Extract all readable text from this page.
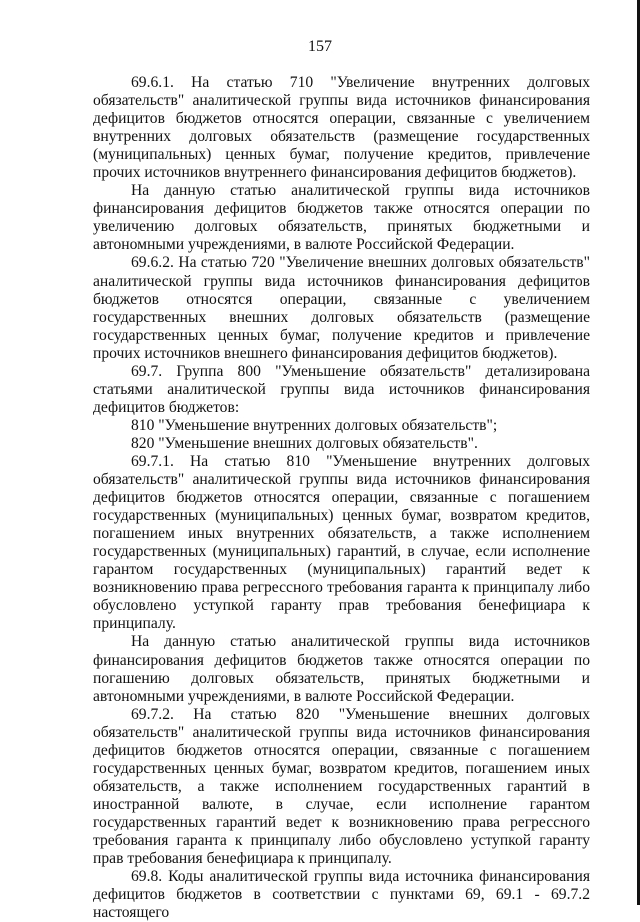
157

69.6.1. На статью 710 "Увеличение внутренних долговых обязательств" аналитической группы вида источников финансирования дефицитов бюджетов относятся операции, связанные с увеличением внутренних долговых обязательств (размещение государственных (муниципальных) ценных бумаг, получение кредитов, привлечение прочих источников внутреннего финансирования дефицитов бюджетов).

На данную статью аналитической группы вида источников финансирования дефицитов бюджетов также относятся операции по увеличению долговых обязательств, принятых бюджетными и автономными учреждениями, в валюте Российской Федерации.

69.6.2. На статью 720 "Увеличение внешних долговых обязательств" аналитической группы вида источников финансирования дефицитов бюджетов относятся операции, связанные с увеличением государственных внешних долговых обязательств (размещение государственных ценных бумаг, получение кредитов и привлечение прочих источников внешнего финансирования дефицитов бюджетов).

69.7. Группа 800 "Уменьшение обязательств" детализирована статьями аналитической группы вида источников финансирования дефицитов бюджетов:

810 "Уменьшение внутренних долговых обязательств";

820 "Уменьшение внешних долговых обязательств".

69.7.1. На статью 810 "Уменьшение внутренних долговых обязательств" аналитической группы вида источников финансирования дефицитов бюджетов относятся операции, связанные с погашением государственных (муниципальных) ценных бумаг, возвратом кредитов, погашением иных внутренних обязательств, а также исполнением государственных (муниципальных) гарантий, в случае, если исполнение гарантом государственных (муниципальных) гарантий ведет к возникновению права регрессного требования гаранта к принципалу либо обусловлено уступкой гаранту прав требования бенефициара к принципалу.

На данную статью аналитической группы вида источников финансирования дефицитов бюджетов также относятся операции по погашению долговых обязательств, принятых бюджетными и автономными учреждениями, в валюте Российской Федерации.

69.7.2. На статью 820 "Уменьшение внешних долговых обязательств" аналитической группы вида источников финансирования дефицитов бюджетов относятся операции, связанные с погашением государственных ценных бумаг, возвратом кредитов, погашением иных обязательств, а также исполнением государственных гарантий в иностранной валюте, в случае, если исполнение гарантом государственных гарантий ведет к возникновению права регрессного требования гаранта к принципалу либо обусловлено уступкой гаранту прав требования бенефициара к принципалу.

69.8. Коды аналитической группы вида источника финансирования дефицитов бюджетов в соответствии с пунктами 69, 69.1 - 69.7.2 настоящего
